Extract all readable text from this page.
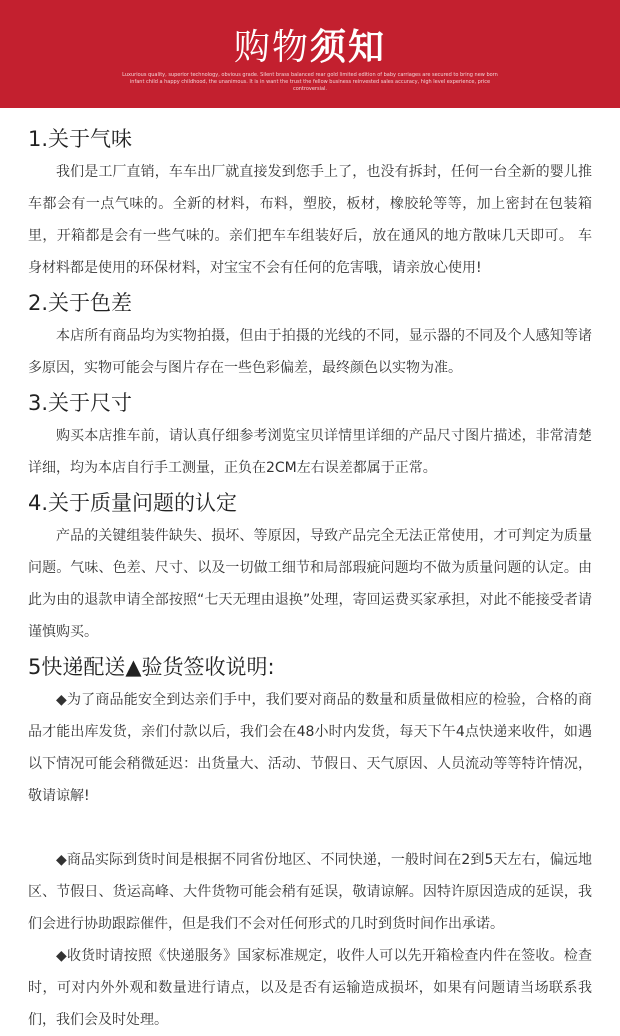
购物须知
Luxurious quality, superior technology, obvious grade. Silent brass balanced rear gold limited edition of baby carriages are secured to bring new born infant child a happy childhood, the unanimous. It is in want the trust the fellow business reinvested sales accuracy, high level experience, price controversial.
1.关于气味

我们是工厂直销，车车出厂就直接发到您手上了，也没有拆封，任何一台全新的婴儿推车都会有一点气味的。全新的材料，布料，塑胶，板材，橡胶轮等等，加上密封在包装箱里，开箱都是会有一些气味的。亲们把车车组装好后，放在通风的地方散味几天即可。 车身材料都是使用的环保材料，对宝宝不会有任何的危害哦，请亲放心使用!

2.关于色差

本店所有商品均为实物拍摄，但由于拍摄的光线的不同，显示器的不同及个人感知等诸多原因，实物可能会与图片存在一些色彩偏差，最终颜色以实物为准。

3.关于尺寸

购买本店推车前，请认真仔细参考浏览宝贝详情里详细的产品尺寸图片描述，非常清楚详细，均为本店自行手工测量，正负在2CM左右误差都属于正常。

4.关于质量问题的认定

产品的关键组装件缺失、损坏、等原因，导致产品完全无法正常使用，才可判定为质量问题。气味、色差、尺寸、以及一切做工细节和局部瑕疵问题均不做为质量问题的认定。由此为由的退款申请全部按照“七天无理由退换”处理，寄回运费买家承担，对此不能接受者请谨慎购买。

5快递配送▲验货签收说明:

◆为了商品能安全到达亲们手中，我们要对商品的数量和质量做相应的检验，合格的商品才能出库发货，亲们付款以后，我们会在48小时内发货，每天下午4点快递来收件，如遇以下情况可能会稍微延迟：出货量大、活动、节假日、天气原因、人员流动等等特许情况，敬请谅解!

◆商品实际到货时间是根据不同省份地区、不同快递，一般时间在2到5天左右，偏远地区、节假日、货运高峰、大件货物可能会稍有延误，敬请谅解。因特许原因造成的延误，我们会进行协助跟踪催件，但是我们不会对任何形式的几时到货时间作出承诺。

◆收货时请按照《快递服务》国家标准规定，收件人可以先开箱检查内件在签收。检查时，可对内外外观和数量进行请点，以及是否有运输造成损坏，如果有问题请当场联系我们，我们会及时处理。
